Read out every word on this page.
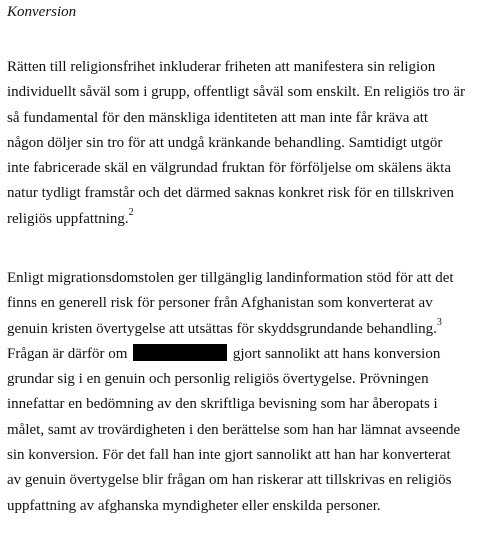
Konversion
Rätten till religionsfrihet inkluderar friheten att manifestera sin religion
individuellt såväl som i grupp, offentligt såväl som enskilt. En religiös tro är
så fundamental för den mänskliga identiteten att man inte får kräva att
någon döljer sin tro för att undgå kränkande behandling. Samtidigt utgör
inte fabricerade skäl en välgrundad fruktan för förföljelse om skälens äkta
natur tydligt framstår och det därmed saknas konkret risk för en tillskriven
religiös uppfattning.$^2$
Enligt migrationsdomstolen ger tillgänglig landinformation stöd för att det
finns en generell risk för personer från Afghanistan som konverterat av
genuin kristen övertygelse att utsättas för skyddsgrundande behandling.$^3$
Frågan är därför om	gjort sannolikt att hans konversion
grundar sig i en genuin och personlig religiös övertygelse. Prövningen
innefattar en bedömning av den skriftliga bevisning som har åberopats i
målet, samt av trovärdigheten i den berättelse som han har lämnat avseende
sin konversion. För det fall han inte gjort sannolikt att han har konverterat
av genuin övertygelse blir frågan om han riskerar att tillskrivas en religiös
uppfattning av afghanska myndigheter eller enskilda personer.
